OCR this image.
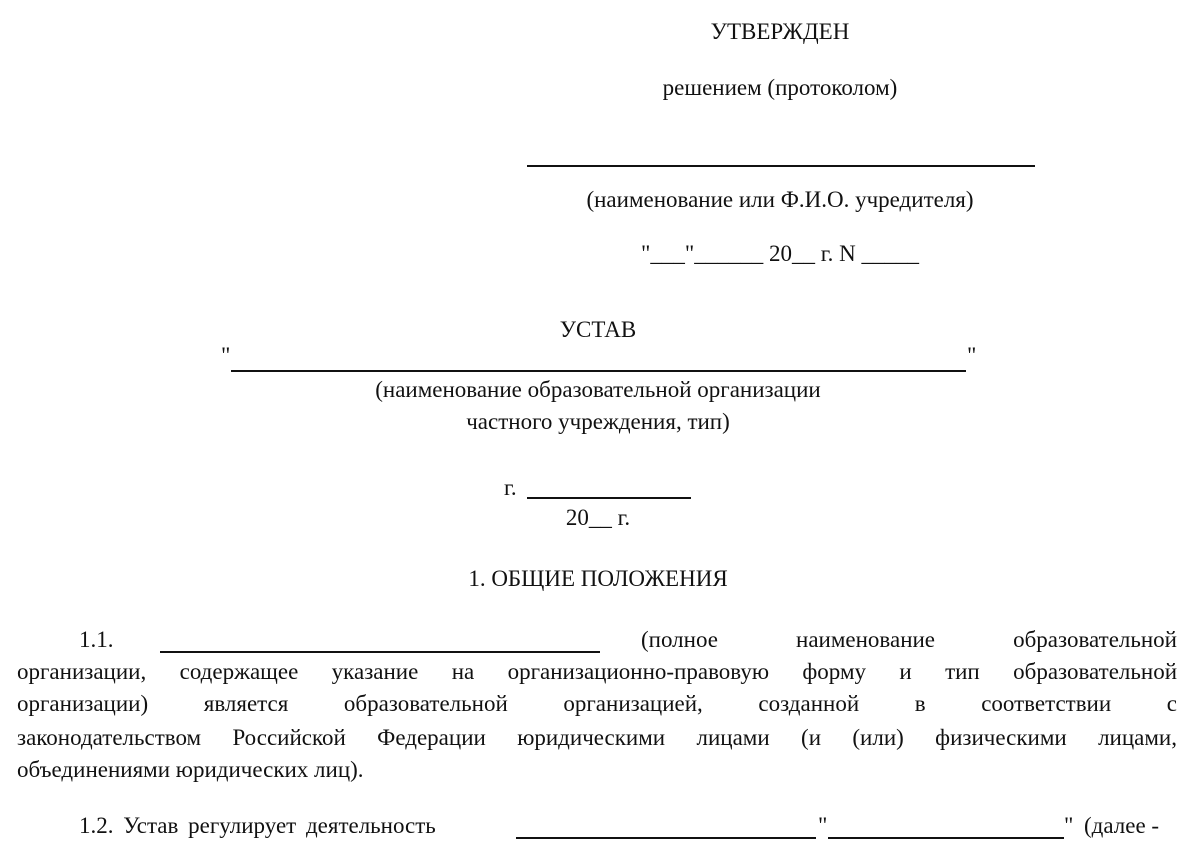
УТВЕРЖДЕН
решением (протоколом)
(наименование или Ф.И.О. учредителя)
"___"______ 20__ г. N _____
УСТАВ
"	"
(наименование образовательной организации
частного учреждения, тип)
г.
20__ г.
1. ОБЩИЕ ПОЛОЖЕНИЯ
1.1.	(полное	наименование	образовательной
организации, содержащее указание на организационно-правовую форму и тип образовательной
организации) является образовательной организацией, созданной в соответствии с
законодательством Российской Федерации юридическими лицами (и (или) физическими лицами,
объединениями юридических лиц).
1.2. Устав регулирует деятельность	"	" (далее -
